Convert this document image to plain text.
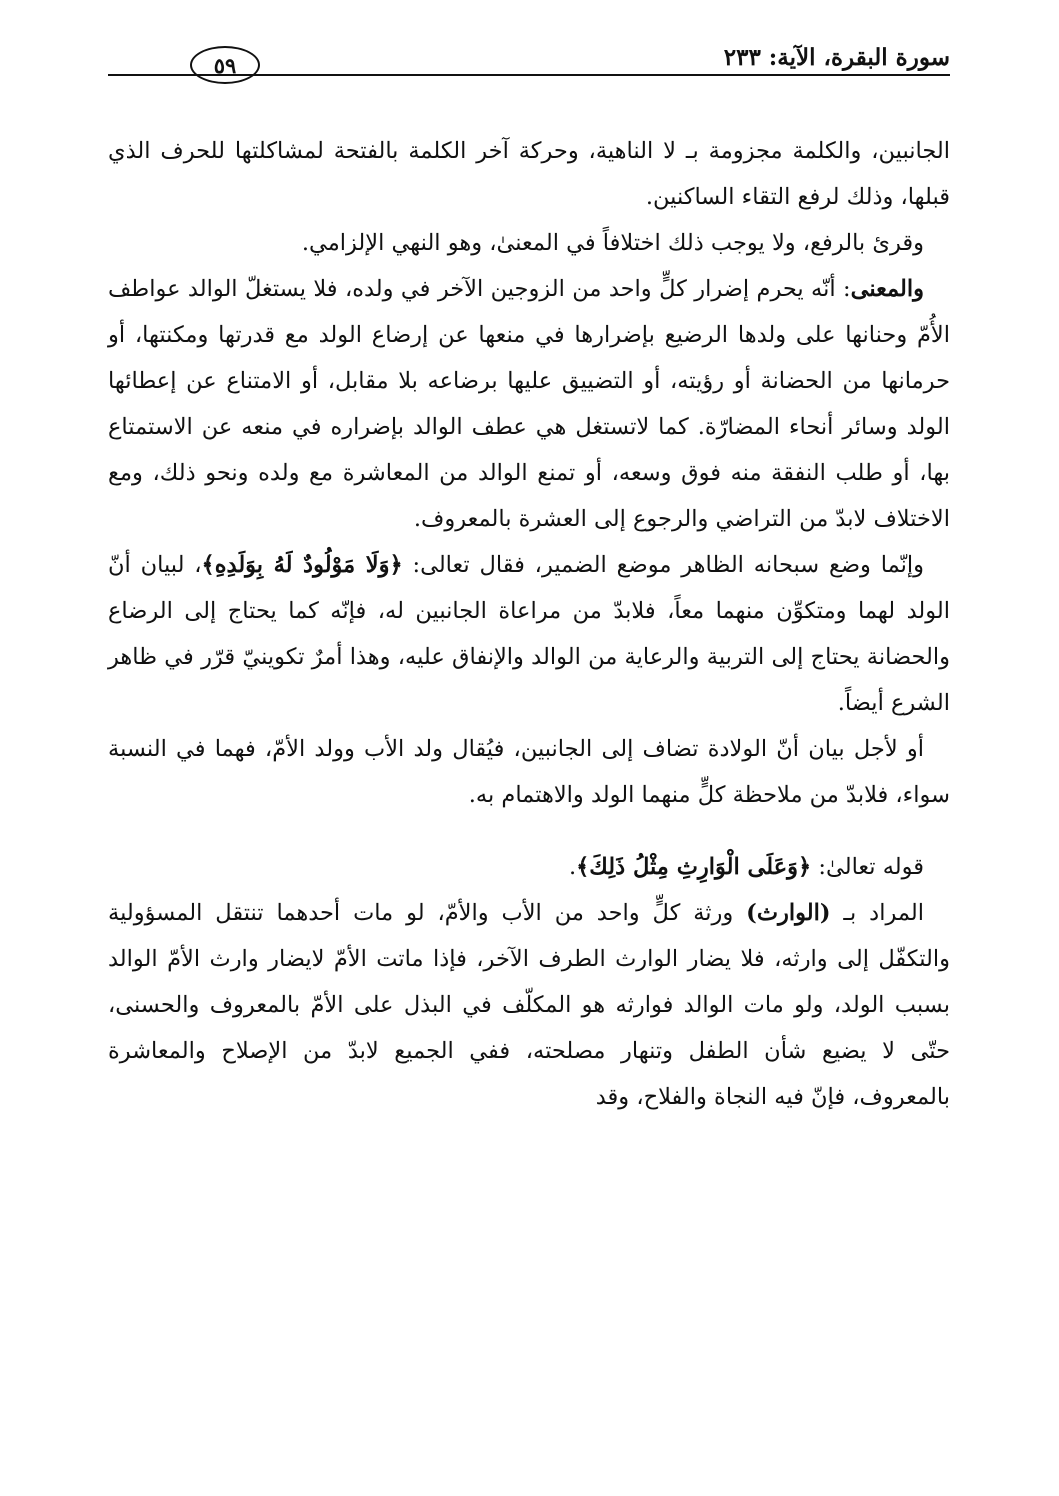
٥٩	سورة البقرة، الآية: ٢٣٣

الجانبين، والكلمة مجزومة بـ لا الناهية، وحركة آخر الكلمة بالفتحة لمشاكلتها للحرف الذي قبلها، وذلك لرفع التقاء الساكنين.

وقرئ بالرفع، ولا يوجب ذلك اختلافاً في المعنىٰ، وهو النهي الإلزامي.

والمعنى: أنّه يحرم إضرار كلٍّ واحد من الزوجين الآخر في ولده، فلا يستغلّ الوالد عواطف الأُمّ وحنانها على ولدها الرضيع بإضرارها في منعها عن إرضاع الولد مع قدرتها ومكنتها، أو حرمانها من الحضانة أو رؤيته، أو التضييق عليها برضاعه بلا مقابل، أو الامتناع عن إعطائها الولد وسائر أنحاء المضارّة. كما لاتستغل هي عطف الوالد بإضراره في منعه عن الاستمتاع بها، أو طلب النفقة منه فوق وسعه، أو تمنع الوالد من المعاشرة مع ولده ونحو ذلك، ومع الاختلاف لابدّ من التراضي والرجوع إلى العشرة بالمعروف.

وإنّما وضع سبحانه الظاهر موضع الضمير، فقال تعالى: ﴿وَلَا مَوْلُودٌ لَهُ بِوَلَدِهِ﴾، لبيان أنّ الولد لهما ومتكوِّن منهما معاً، فلابدّ من مراعاة الجانبين له، فإنّه كما يحتاج إلى الرضاع والحضانة يحتاج إلى التربية والرعاية من الوالد والإنفاق عليه، وهذا أمرٌ تكوينيّ قرّر في ظاهر الشرع أيضاً.

أو لأجل بيان أنّ الولادة تضاف إلى الجانبين، فيُقال ولد الأب وولد الأمّ، فهما في النسبة سواء، فلابدّ من ملاحظة كلٍّ منهما الولد والاهتمام به.

قوله تعالىٰ: ﴿وَعَلَى الْوَارِثِ مِثْلُ ذَلِكَ﴾.

المراد بـ (الوارث) ورثة كلٍّ واحد من الأب والأمّ، لو مات أحدهما تنتقل المسؤولية والتكفّل إلى وارثه، فلا يضار الوارث الطرف الآخر، فإذا ماتت الأمّ لايضار وارث الأمّ الوالد بسبب الولد، ولو مات الوالد فوارثه هو المكلّف في البذل على الأمّ بالمعروف والحسنى، حتّى لا يضيع شأن الطفل وتنهار مصلحته، ففي الجميع لابدّ من الإصلاح والمعاشرة بالمعروف، فإنّ فيه النجاة والفلاح، وقد
